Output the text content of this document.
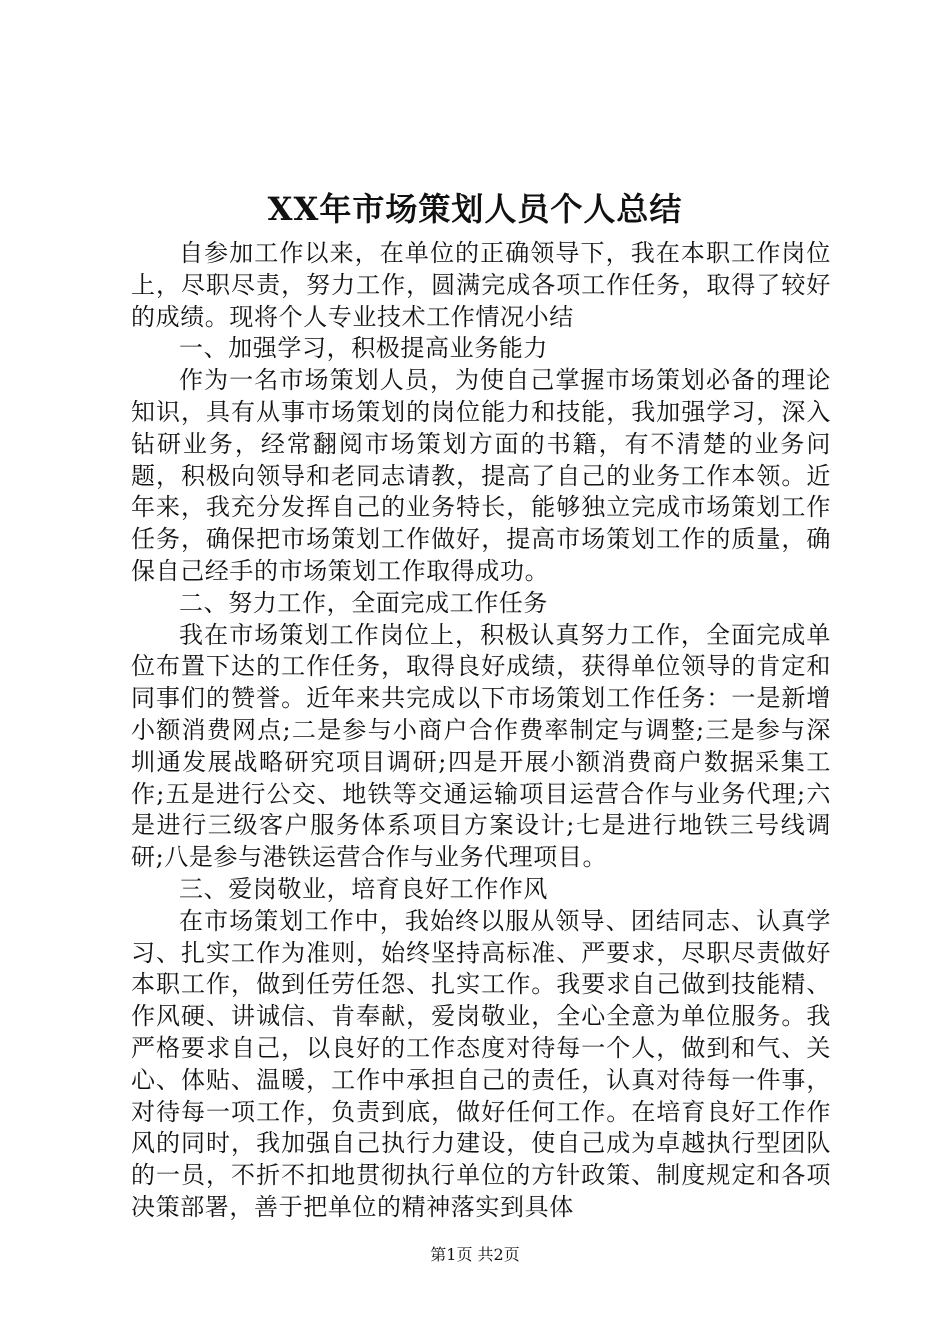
XX年市场策划人员个人总结

自参加工作以来，在单位的正确领导下，我在本职工作岗位上，尽职尽责，努力工作，圆满完成各项工作任务，取得了较好的成绩。现将个人专业技术工作情况小结

一、加强学习，积极提高业务能力

作为一名市场策划人员，为使自己掌握市场策划必备的理论知识，具有从事市场策划的岗位能力和技能，我加强学习，深入钻研业务，经常翻阅市场策划方面的书籍，有不清楚的业务问题，积极向领导和老同志请教，提高了自己的业务工作本领。近年来，我充分发挥自己的业务特长，能够独立完成市场策划工作任务，确保把市场策划工作做好，提高市场策划工作的质量，确保自己经手的市场策划工作取得成功。

二、努力工作，全面完成工作任务

我在市场策划工作岗位上，积极认真努力工作，全面完成单位布置下达的工作任务，取得良好成绩，获得单位领导的肯定和同事们的赞誉。近年来共完成以下市场策划工作任务：一是新增小额消费网点;二是参与小商户合作费率制定与调整;三是参与深圳通发展战略研究项目调研;四是开展小额消费商户数据采集工作;五是进行公交、地铁等交通运输项目运营合作与业务代理;六是进行三级客户服务体系项目方案设计;七是进行地铁三号线调研;八是参与港铁运营合作与业务代理项目。

三、爱岗敬业，培育良好工作作风

在市场策划工作中，我始终以服从领导、团结同志、认真学习、扎实工作为准则，始终坚持高标准、严要求，尽职尽责做好本职工作，做到任劳任怨、扎实工作。我要求自己做到技能精、作风硬、讲诚信、肯奉献，爱岗敬业，全心全意为单位服务。我严格要求自己，以良好的工作态度对待每一个人，做到和气、关心、体贴、温暖，工作中承担自己的责任，认真对待每一件事，对待每一项工作，负责到底，做好任何工作。在培育良好工作作风的同时，我加强自己执行力建设，使自己成为卓越执行型团队的一员，不折不扣地贯彻执行单位的方针政策、制度规定和各项决策部署，善于把单位的精神落实到具体

第1页 共2页
